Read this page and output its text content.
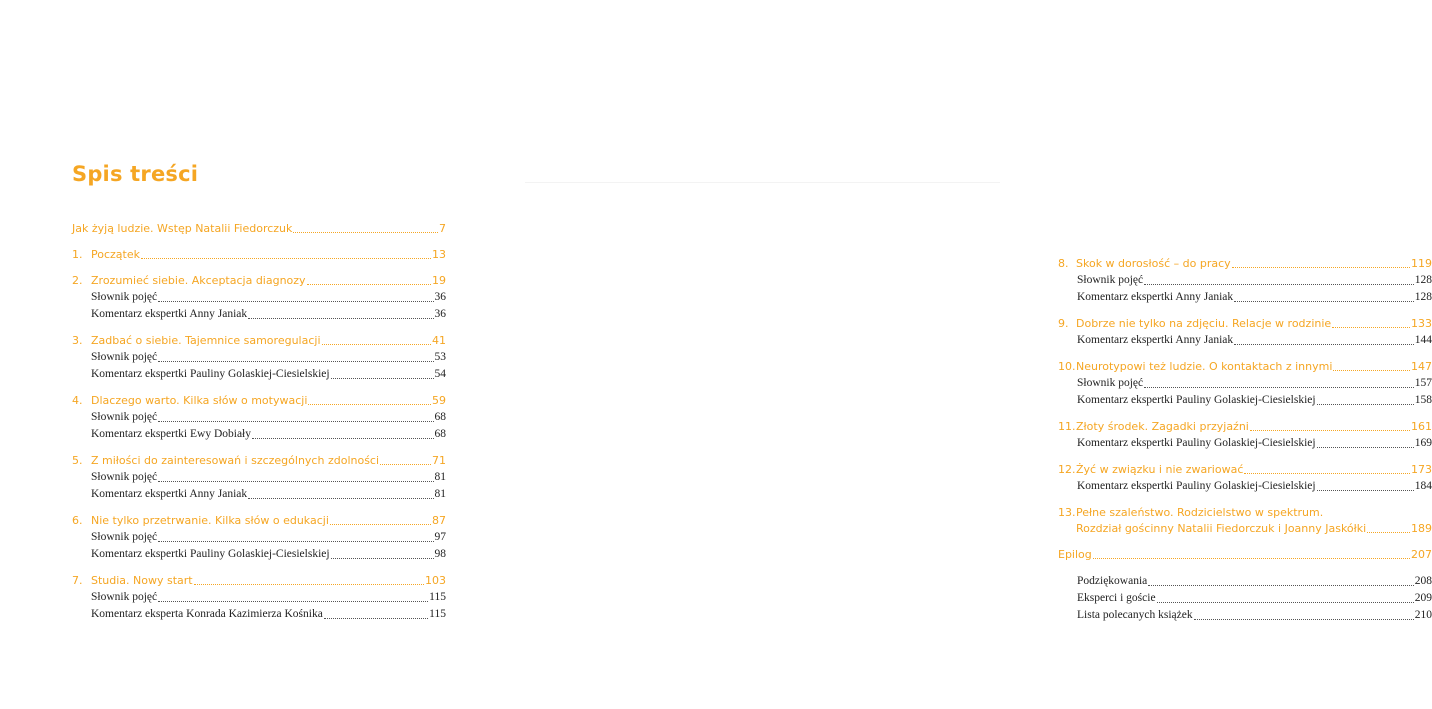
Spis treści
Jak żyją ludzie. Wstęp Natalii Fiedorczuk	7
1. Początek	13
2. Zrozumieć siebie. Akceptacja diagnozy	19
Słownik pojęć	36
Komentarz ekspertki Anny Janiak	36
3. Zadbać o siebie. Tajemnice samoregulacji	41
Słownik pojęć	53
Komentarz ekspertki Pauliny Golaskiej-Ciesielskiej	54
4. Dlaczego warto. Kilka słów o motywacji	59
Słownik pojęć	68
Komentarz ekspertki Ewy Dobiały	68
5. Z miłości do zainteresowań i szczególnych zdolności	71
Słownik pojęć	81
Komentarz ekspertki Anny Janiak	81
6. Nie tylko przetrwanie. Kilka słów o edukacji	87
Słownik pojęć	97
Komentarz ekspertki Pauliny Golaskiej-Ciesielskiej	98
7. Studia. Nowy start	103
Słownik pojęć	115
Komentarz eksperta Konrada Kazimierza Kośnika	115
8. Skok w dorosłość – do pracy	119
Słownik pojęć	128
Komentarz ekspertki Anny Janiak	128
9. Dobrze nie tylko na zdjęciu. Relacje w rodzinie	133
Komentarz ekspertki Anny Janiak	144
10. Neurotypowi też ludzie. O kontaktach z innymi	147
Słownik pojęć	157
Komentarz ekspertki Pauliny Golaskiej-Ciesielskiej	158
11. Złoty środek. Zagadki przyjaźni	161
Komentarz ekspertki Pauliny Golaskiej-Ciesielskiej	169
12. Żyć w związku i nie zwariować	173
Komentarz ekspertki Pauliny Golaskiej-Ciesielskiej	184
13. Pełne szaleństwo. Rodzicielstwo w spektrum.
Rozdział gościnny Natalii Fiedorczuk i Joanny Jaskółki	189
Epilog	207
Podziękowania	208
Eksperci i goście	209
Lista polecanych książek	210
